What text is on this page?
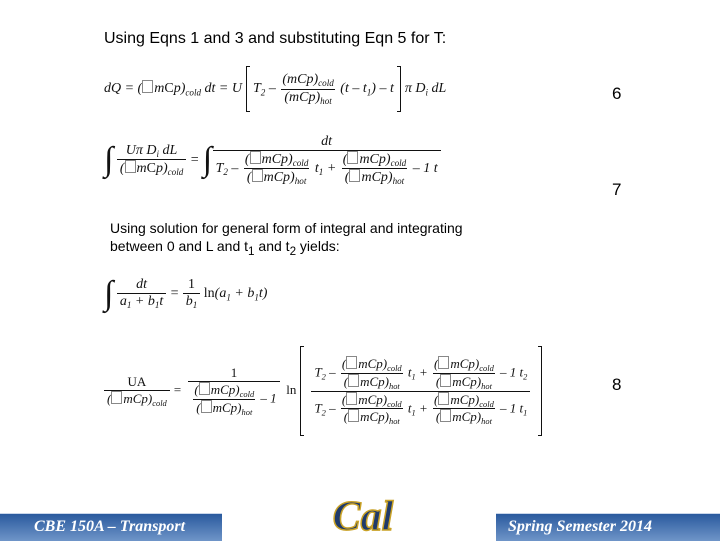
Using Eqns 1 and 3 and substituting Eqn 5 for T:
dQ = ( $mCp)_{cold}$ dt = U  $T_2 - \frac{(mCp)_{cold}}{(mCp)_{hot}} (t - t_1)$ – t  π $D_i$ dL	6
∫ $\frac{U\pi D_i dL}{( mCp)_{cold}}$ = ∫	dt
$T_2 - \frac{( mCp)_{cold}}{( mCp)_{hot}} t_1 + \frac{( mCp)_{cold}}{( mCp)_{hot}} - 1$ t
7
Using solution for general form of integral and integrating
between 0 and L and $t_1$ and $t_2$ yields:
∫ $\frac{dt}{a_1 + b_1t} = \frac{1}{b_1} \ln(a_1 + b_1t)$
$\frac{UA}{( mCp)_{cold}} = \frac{1}{\frac{( mCp)_{cold}}{( mCp)_{hot}} - 1}$ $\ln \frac{T_2 - \frac{( mCp)_{cold}}{( mCp)_{hot}} t_1 + \frac{( mCp)_{cold}}{( mCp)_{hot}} - 1 t_2}{T_2 - \frac{( mCp)_{cold}}{( mCp)_{hot}} t_1 + \frac{( mCp)_{cold}}{( mCp)_{hot}} - 1 t_1}$
	8
CBE 150A – Transport	Cal	Spring Semester 2014
